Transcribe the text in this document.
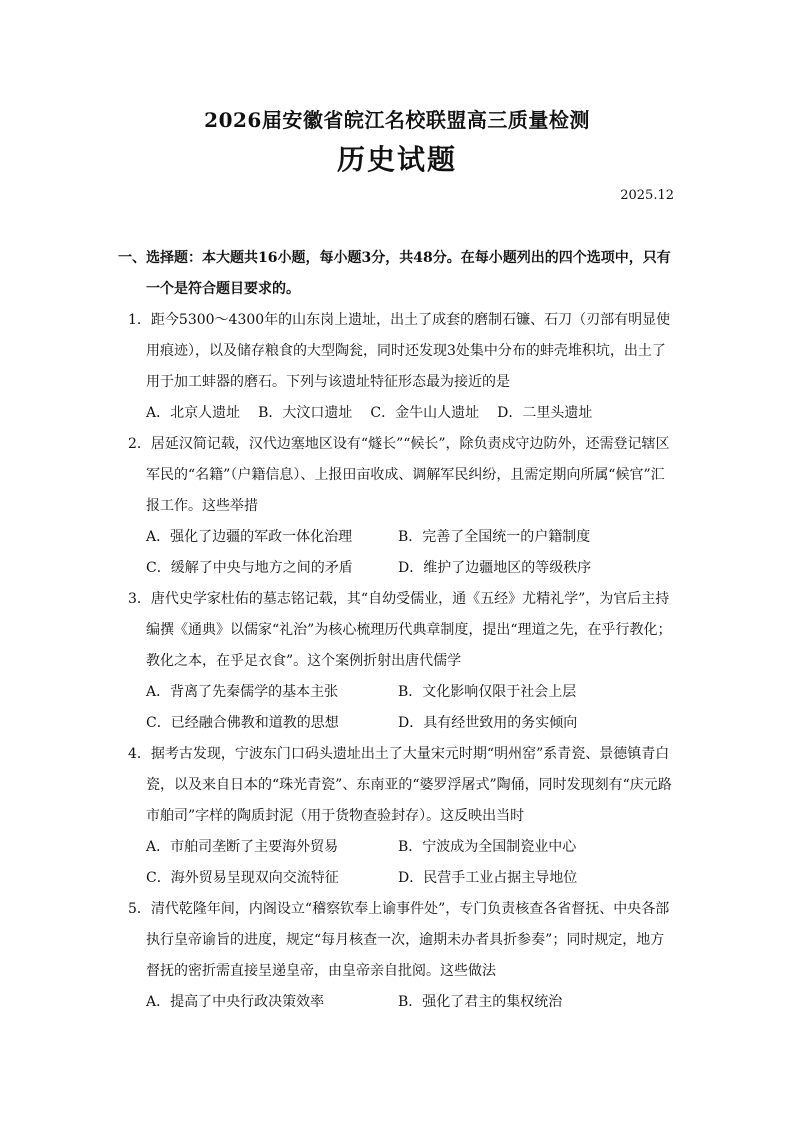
2026届安徽省皖江名校联盟高三质量检测
历史试题
2025.12
一、选择题：本大题共16小题，每小题3分，共48分。在每小题列出的四个选项中，只有一个是符合题目要求的。
1．距今5300～4300年的山东岗上遗址，出土了成套的磨制石镰、石刀（刃部有明显使用痕迹），以及储存粮食的大型陶瓮，同时还发现3处集中分布的蚌壳堆积坑，出土了用于加工蚌器的磨石。下列与该遗址特征形态最为接近的是
A．北京人遗址 B．大汶口遗址 C．金牛山人遗址 D．二里头遗址
2．居延汉简记载，汉代边塞地区设有“燧长”“候长”，除负责戍守边防外，还需登记辖区军民的“名籍”（户籍信息）、上报田亩收成、调解军民纠纷，且需定期向所属“候官”汇报工作。这些举措
A．强化了边疆的军政一体化治理	B．完善了全国统一的户籍制度
C．缓解了中央与地方之间的矛盾	D．维护了边疆地区的等级秩序
3．唐代史学家杜佑的墓志铭记载，其“自幼受儒业，通《五经》尤精礼学”，为官后主持编撰《通典》以儒家“礼治”为核心梳理历代典章制度，提出“理道之先，在乎行教化；教化之本，在乎足衣食”。这个案例折射出唐代儒学
A．背离了先秦儒学的基本主张	B．文化影响仅限于社会上层
C．已经融合佛教和道教的思想	D．具有经世致用的务实倾向
4．据考古发现，宁波东门口码头遗址出土了大量宋元时期“明州窑”系青瓷、景德镇青白瓷，以及来自日本的“珠光青瓷”、东南亚的“婆罗浮屠式”陶俑，同时发现刻有“庆元路市舶司”字样的陶质封泥（用于货物查验封存）。这反映出当时
A．市舶司垄断了主要海外贸易	B．宁波成为全国制瓷业中心
C．海外贸易呈现双向交流特征	D．民营手工业占据主导地位
5．清代乾隆年间，内阁设立“稽察钦奉上谕事件处”，专门负责核查各省督抚、中央各部执行皇帝谕旨的进度，规定“每月核查一次，逾期未办者具折参奏”；同时规定，地方督抚的密折需直接呈递皇帝，由皇帝亲自批阅。这些做法
A．提高了中央行政决策效率	B．强化了君主的集权统治
